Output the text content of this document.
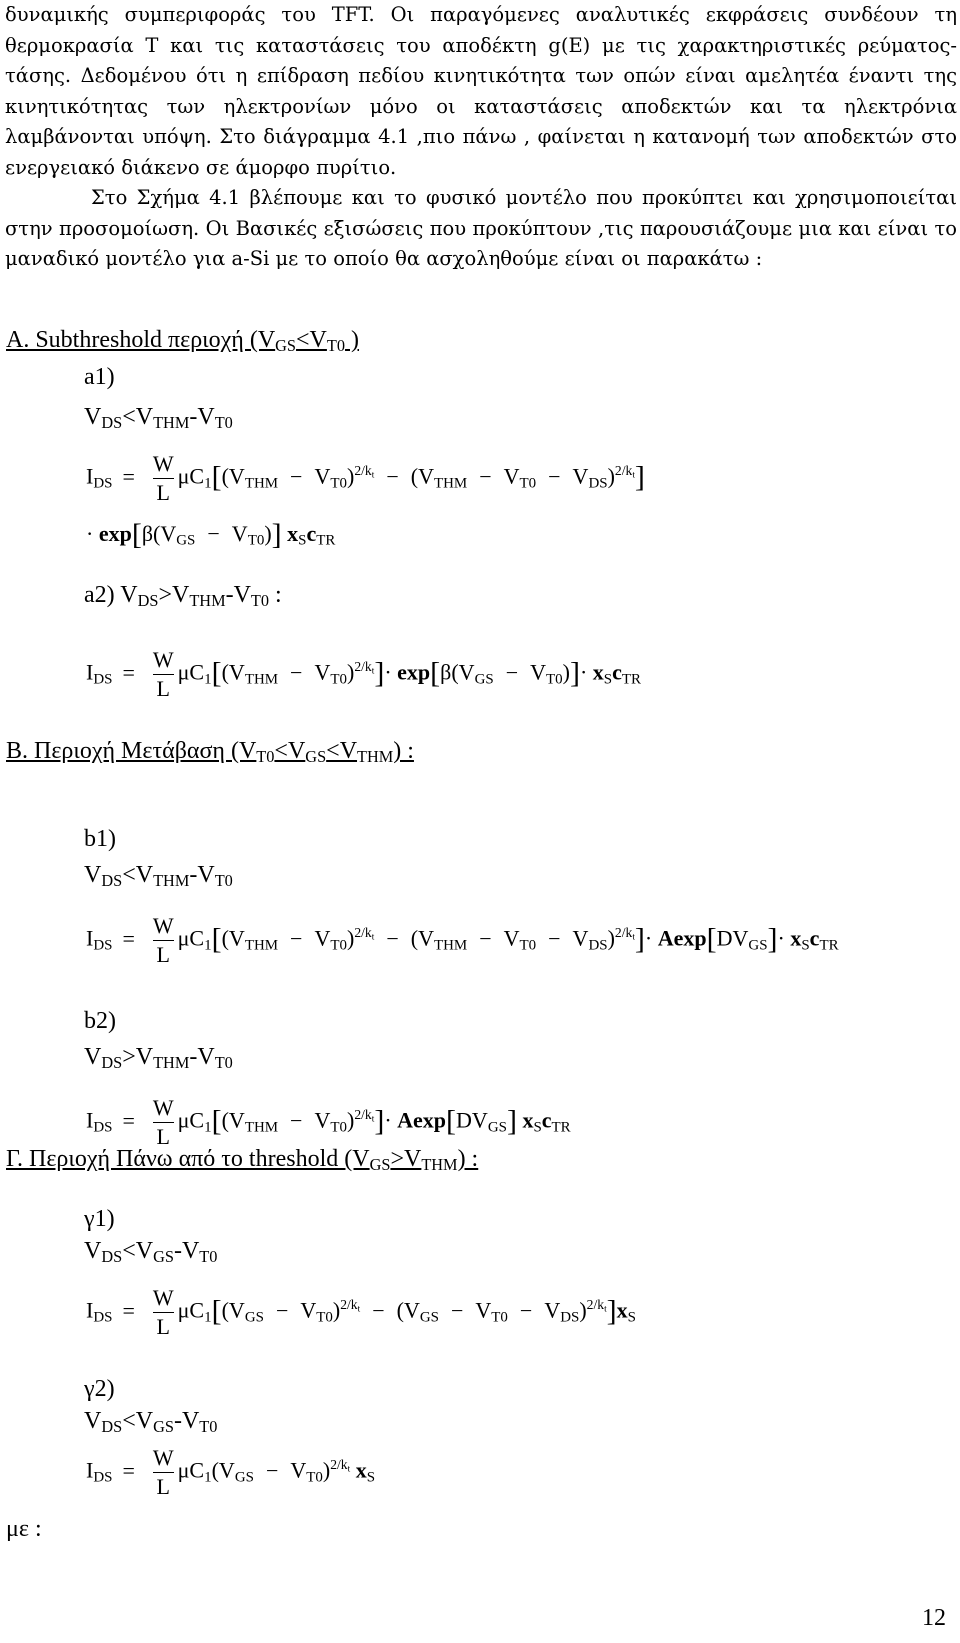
δυναμικής συμπεριφοράς του TFT. Οι παραγόμενες αναλυτικές εκφράσεις συνδέουν τη θερμοκρασία T και τις καταστάσεις του αποδέκτη g(E) με τις χαρακτηριστικές ρεύματος-τάσης. Δεδομένου ότι η επίδραση πεδίου κινητικότητα των οπών είναι αμελητέα έναντι της κινητικότητας των ηλεκτρονίων μόνο οι καταστάσεις αποδεκτών και τα ηλεκτρόνια λαμβάνονται υπόψη. Στο διάγραμμα 4.1 ,πιο πάνω , φαίνεται η κατανομή των αποδεκτών στο ενεργειακό διάκενο σε άμορφο πυρίτιο.

Στο Σχήμα 4.1 βλέπουμε και το φυσικό μοντέλο που προκύπτει και χρησιμοποιείται στην προσομοίωση. Οι Βασικές εξισώσεις που προκύπτουν ,τις παρουσιάζουμε μια και είναι το μαναδικό μοντέλο για a-Si με το οποίο θα ασχοληθούμε είναι οι παρακάτω :

A. Subthreshold περιοχή ($V_{GS}<V_{T0}$ )
a1)
$V_{DS}<V_{THM}-V_{T0}$
$I_{DS} = \frac{W}{L} \mu C_1[(V_{THM} - V_{T0})^{2/k_t} - (V_{THM} - V_{T0} - V_{DS})^{2/k_t}]$
· $\exp[\beta(V_{GS} - V_{T0})]$ $x_Sc_{TR}$
a2) $V_{DS}>V_{THM}-V_{T0}$ :
$I_{DS} = \frac{W}{L} \mu C_1[(V_{THM} - V_{T0})^{2/k_t}]\cdot \exp[\beta(V_{GS} - V_{T0})]\cdot x_Sc_{TR}$
B. Περιοχή Μετάβαση $(V_{T0}<V_{GS}<V_{THM})$ :
b1)
$V_{DS}<V_{THM}-V_{T0}$
$I_{DS} = \frac{W}{L} \mu C_1[(V_{THM} - V_{T0})^{2/k_t} - (V_{THM} - V_{T0} - V_{DS})^{2/k_t}]\cdot Aexp[DV_{GS}]\cdot x_Sc_{TR}$
b2)
$V_{DS}>V_{THM}-V_{T0}$
$I_{DS} = \frac{W}{L} \mu C_1[(V_{THM} - V_{T0})^{2/k_t}]\cdot Aexp[DV_{GS}]$ $x_Sc_{TR}$
Γ. Περιοχή Πάνω από το threshold $(V_{GS}>V_{THM})$ :
γ1)
$V_{DS}<V_{GS}-V_{T0}$
$I_{DS} = \frac{W}{L} \mu C_1[(V_{GS} - V_{T0})^{2/k_t} - (V_{GS} - V_{T0} - V_{DS})^{2/k_t}]x_S$
γ2)
$V_{DS}<V_{GS}-V_{T0}$
$I_{DS} = \frac{W}{L} \mu C_1(V_{GS} - V_{T0})^{2/k_t}$ $x_S$
με :
12
